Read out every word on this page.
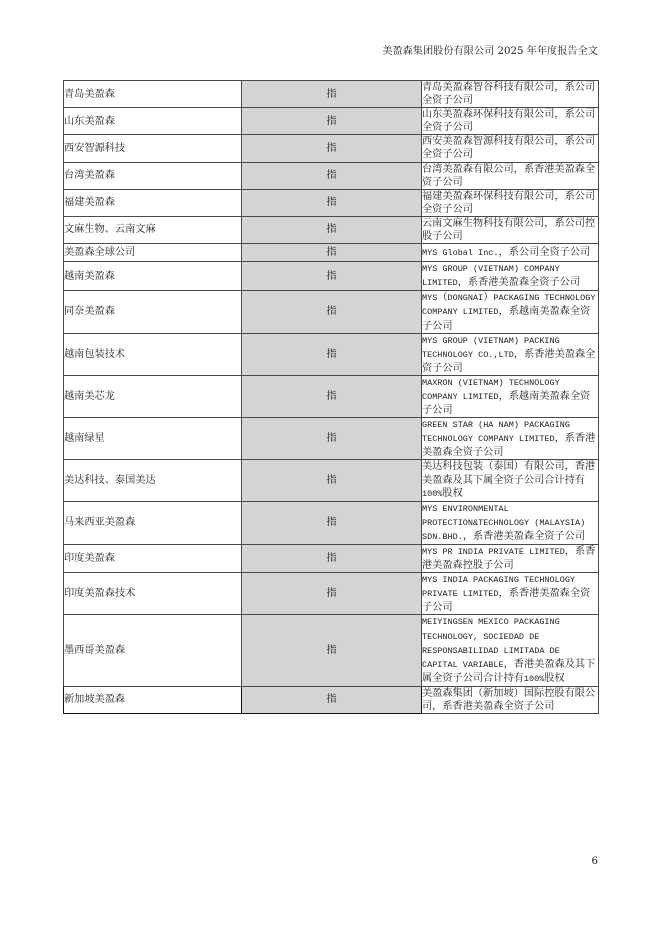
美盈森集团股份有限公司 2025 年年度报告全文
青岛美盈森	指	青岛美盈森智谷科技有限公司，系公司全资子公司
山东美盈森	指	山东美盈森环保科技有限公司，系公司全资子公司
西安智源科技	指	西安美盈森智源科技有限公司，系公司全资子公司
台湾美盈森	指	台湾美盈森有限公司，系香港美盈森全资子公司
福建美盈森	指	福建美盈森环保科技有限公司，系公司全资子公司
文麻生物、云南文麻	指	云南文麻生物科技有限公司，系公司控股子公司
美盈森全球公司	指	MYS Global Inc.，系公司全资子公司
越南美盈森	指	MYS GROUP (VIETNAM) COMPANY LIMITED，系香港美盈森全资子公司
同奈美盈森	指	MYS（DONGNAI）PACKAGING TECHNOLOGY COMPANY LIMITED，系越南美盈森全资子公司
越南包装技术	指	MYS GROUP (VIETNAM) PACKING TECHNOLOGY CO.,LTD，系香港美盈森全资子公司
越南美芯龙	指	MAXRON (VIETNAM) TECHNOLOGY COMPANY LIMITED，系越南美盈森全资子公司
越南绿星	指	GREEN STAR (HA NAM) PACKAGING TECHNOLOGY COMPANY LIMITED，系香港美盈森全资子公司
美达科技、泰国美达	指	美达科技包装（泰国）有限公司，香港美盈森及其下属全资子公司合计持有100%股权
马来西亚美盈森	指	MYS ENVIRONMENTAL PROTECTION&TECHNOLOGY (MALAYSIA) SDN.BHD.，系香港美盈森全资子公司
印度美盈森	指	MYS PR INDIA PRIVATE LIMITED，系香港美盈森控股子公司
印度美盈森技术	指	MYS INDIA PACKAGING TECHNOLOGY PRIVATE LIMITED，系香港美盈森全资子公司
墨西哥美盈森	指	MEIYINGSEN MEXICO PACKAGING TECHNOLOGY, SOCIEDAD DE RESPONSABILIDAD LIMITADA DE CAPITAL VARIABLE，香港美盈森及其下属全资子公司合计持有100%股权
新加坡美盈森	指	美盈森集团（新加坡）国际控股有限公司，系香港美盈森全资子公司
6
